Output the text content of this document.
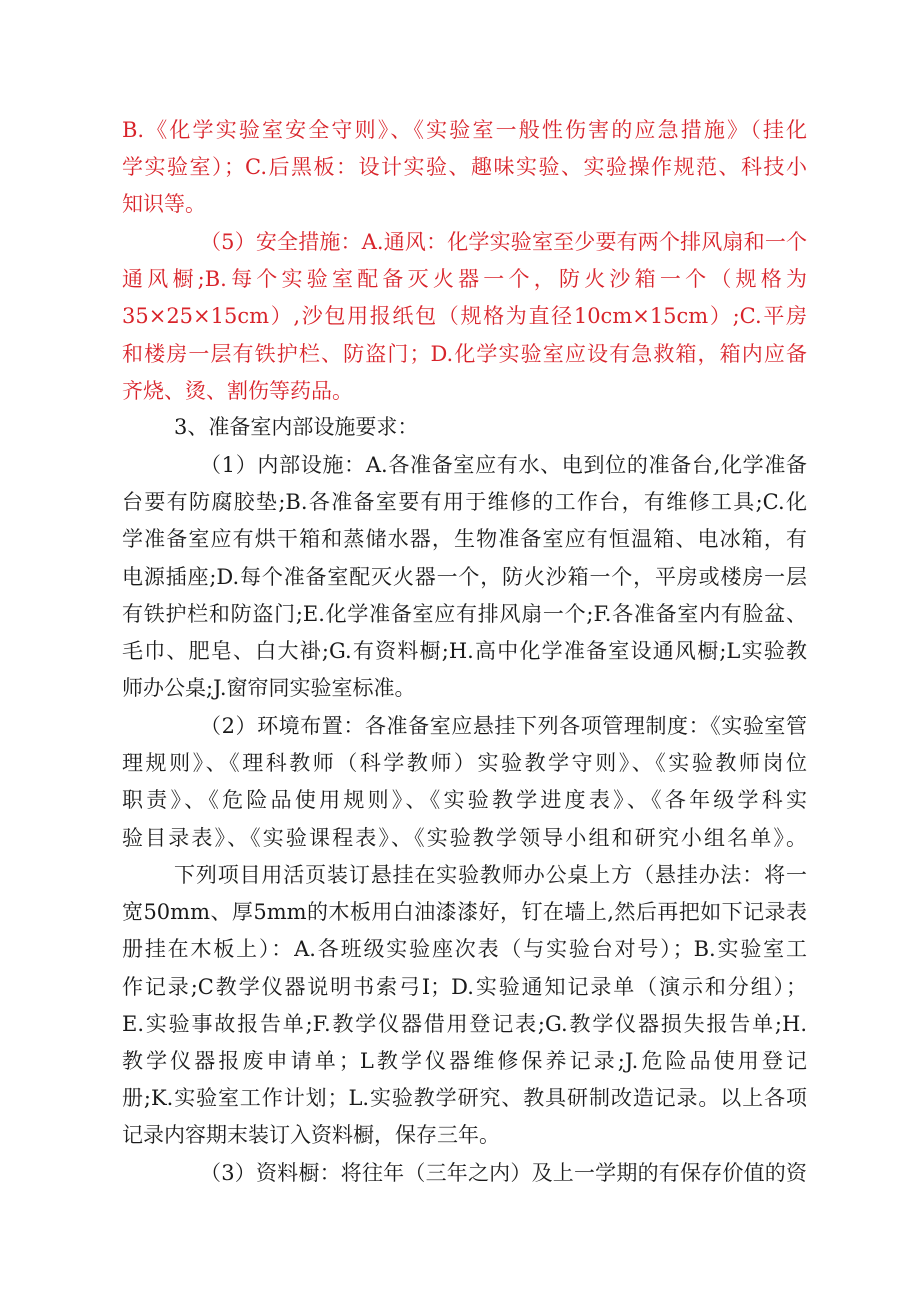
B.《化学实验室安全守则》、《实验室一般性伤害的应急措施》（挂化
学实验室）；C.后黑板：设计实验、趣味实验、实验操作规范、科技小
知识等。
（5）安全措施：A.通风：化学实验室至少要有两个排风扇和一个
通风橱;B.每个实验室配备灭火器一个，防火沙箱一个（规格为
35×25×15cm）,沙包用报纸包（规格为直径10cm×15cm）;C.平房
和楼房一层有铁护栏、防盗门；D.化学实验室应设有急救箱，箱内应备
齐烧、烫、割伤等药品。
3、准备室内部设施要求：
（1）内部设施：A.各准备室应有水、电到位的准备台,化学准备
台要有防腐胶垫;B.各准备室要有用于维修的工作台，有维修工具;C.化
学准备室应有烘干箱和蒸储水器，生物准备室应有恒温箱、电冰箱，有
电源插座;D.每个准备室配灭火器一个，防火沙箱一个，平房或楼房一层
有铁护栏和防盗门;E.化学准备室应有排风扇一个;F.各准备室内有脸盆、
毛巾、肥皂、白大褂;G.有资料橱;H.高中化学准备室设通风橱;L实验教
师办公桌;J.窗帘同实验室标准。
（2）环境布置：各准备室应悬挂下列各项管理制度：《实验室管
理规则》、《理科教师（科学教师）实验教学守则》、《实验教师岗位
职责》、《危险品使用规则》、《实验教学进度表》、《各年级学科实
验目录表》、《实验课程表》、《实验教学领导小组和研究小组名单》。
下列项目用活页装订悬挂在实验教师办公桌上方（悬挂办法：将一
宽50mm、厚5mm的木板用白油漆漆好，钉在墙上,然后再把如下记录表
册挂在木板上）：A.各班级实验座次表（与实验台对号）；B.实验室工
作记录;C教学仪器说明书索弓I；D.实验通知记录单（演示和分组）；
E.实验事故报告单;F.教学仪器借用登记表;G.教学仪器损失报告单;H.
教学仪器报废申请单；L教学仪器维修保养记录;J.危险品使用登记
册;K.实验室工作计划；L.实验教学研究、教具研制改造记录。以上各项
记录内容期末装订入资料橱，保存三年。
（3）资料橱：将往年（三年之内）及上一学期的有保存价值的资
